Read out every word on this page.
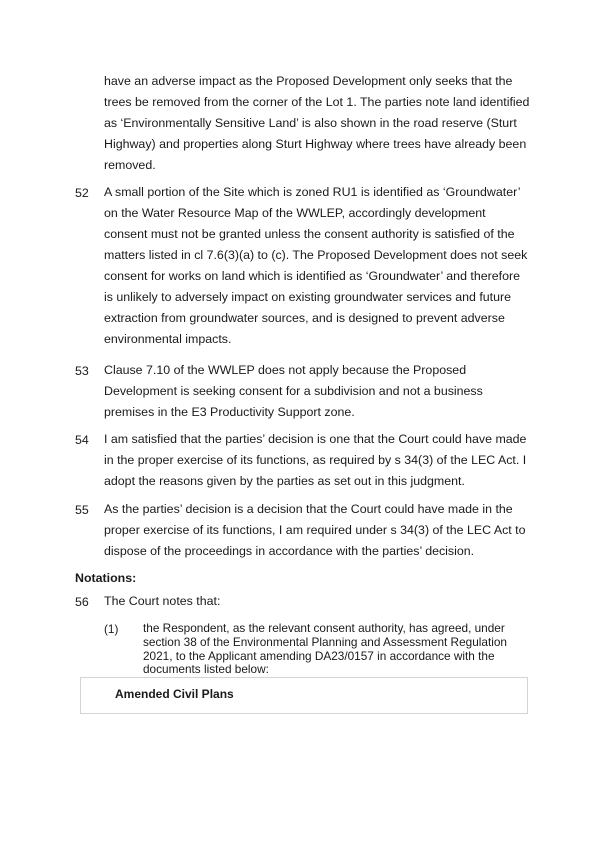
have an adverse impact as the Proposed Development only seeks that the trees be removed from the corner of the Lot 1. The parties note land identified as ‘Environmentally Sensitive Land’ is also shown in the road reserve (Sturt Highway) and properties along Sturt Highway where trees have already been removed.
52 A small portion of the Site which is zoned RU1 is identified as ‘Groundwater’ on the Water Resource Map of the WWLEP, accordingly development consent must not be granted unless the consent authority is satisfied of the matters listed in cl 7.6(3)(a) to (c). The Proposed Development does not seek consent for works on land which is identified as ‘Groundwater’ and therefore is unlikely to adversely impact on existing groundwater services and future extraction from groundwater sources, and is designed to prevent adverse environmental impacts.
53 Clause 7.10 of the WWLEP does not apply because the Proposed Development is seeking consent for a subdivision and not a business premises in the E3 Productivity Support zone.
54 I am satisfied that the parties’ decision is one that the Court could have made in the proper exercise of its functions, as required by s 34(3) of the LEC Act. I adopt the reasons given by the parties as set out in this judgment.
55 As the parties’ decision is a decision that the Court could have made in the proper exercise of its functions, I am required under s 34(3) of the LEC Act to dispose of the proceedings in accordance with the parties’ decision.
Notations:
56 The Court notes that:
(1) the Respondent, as the relevant consent authority, has agreed, under section 38 of the Environmental Planning and Assessment Regulation 2021, to the Applicant amending DA23/0157 in accordance with the documents listed below:
Amended Civil Plans
